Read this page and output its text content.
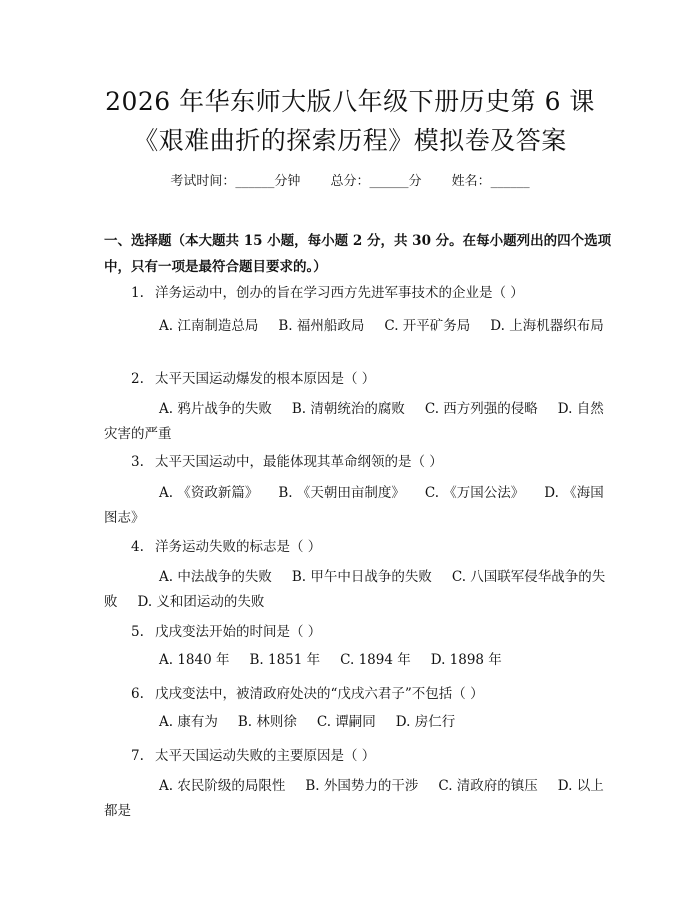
2026 年华东师大版八年级下册历史第 6 课
《艰难曲折的探索历程》模拟卷及答案
考试时间：______分钟 总分：______分 姓名：______
一、选择题（本大题共 15 小题，每小题 2 分，共 30 分。在每小题列出的四个选项中，只有一项是最符合题目要求的。）
1. 洋务运动中，创办的旨在学习西方先进军事技术的企业是（ ）
A. 江南制造总局 B. 福州船政局 C. 开平矿务局 D. 上海机器织布局
2. 太平天国运动爆发的根本原因是（ ）
A. 鸦片战争的失败 B. 清朝统治的腐败 C. 西方列强的侵略 D. 自然灾害的严重
3. 太平天国运动中，最能体现其革命纲领的是（ ）
A. 《资政新篇》 B. 《天朝田亩制度》 C. 《万国公法》 D. 《海国图志》
4. 洋务运动失败的标志是（ ）
A. 中法战争的失败 B. 甲午中日战争的失败 C. 八国联军侵华战争的失败 D. 义和团运动的失败
5. 戊戌变法开始的时间是（ ）
A. 1840 年 B. 1851 年 C. 1894 年 D. 1898 年
6. 戊戌变法中，被清政府处决的“戊戌六君子”不包括（ ）
A. 康有为 B. 林则徐 C. 谭嗣同 D. 房仁行
7. 太平天国运动失败的主要原因是（ ）
A. 农民阶级的局限性 B. 外国势力的干涉 C. 清政府的镇压 D. 以上都是
